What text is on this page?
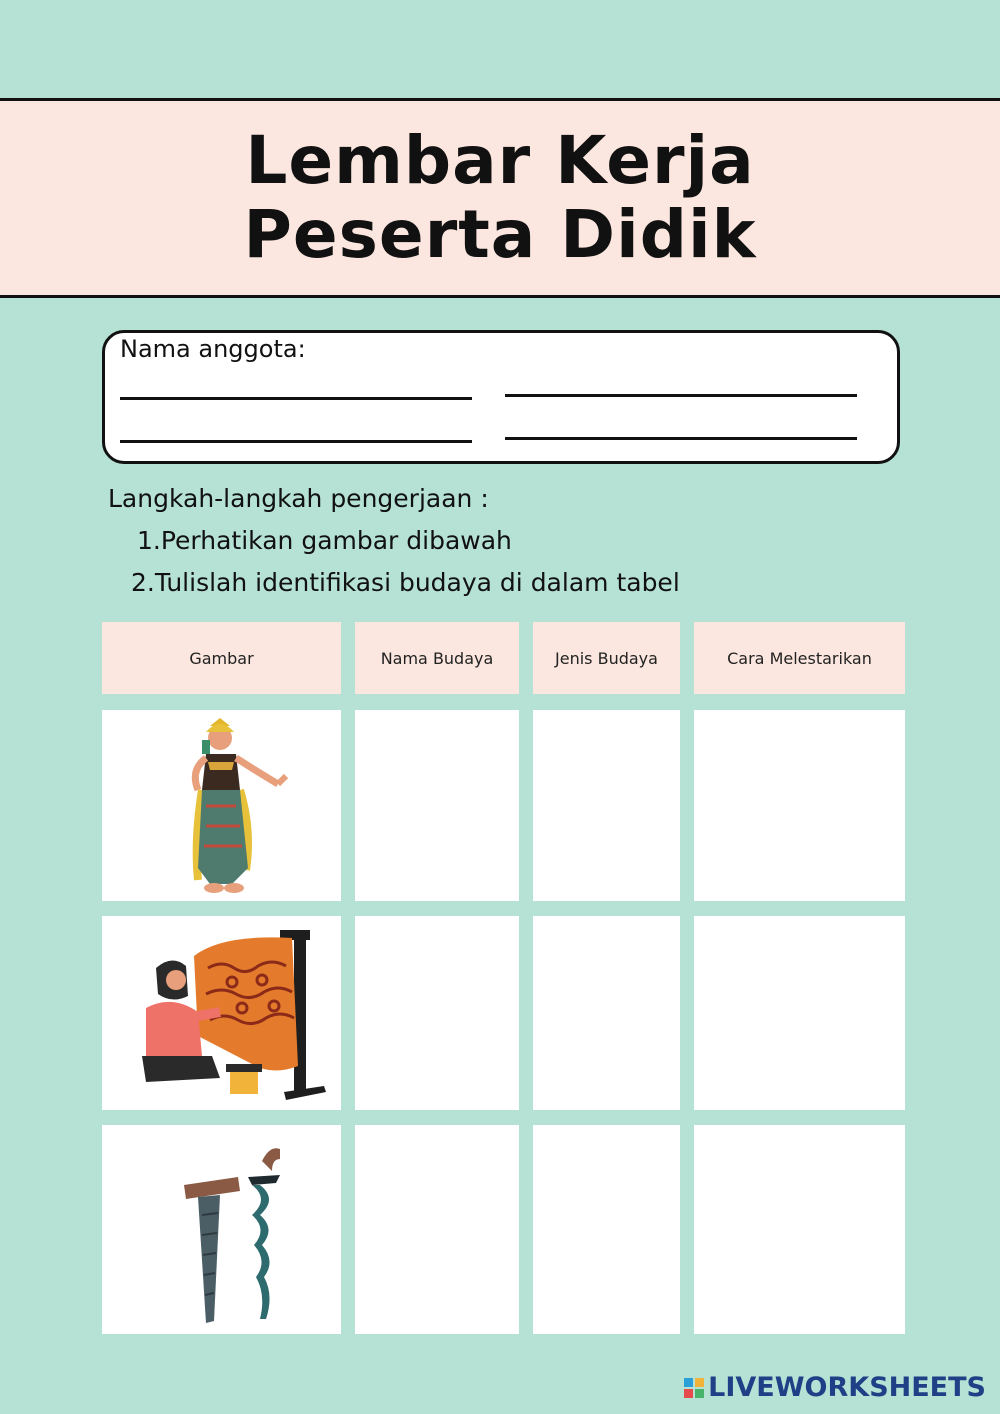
Lembar Kerja
Peserta Didik
Nama anggota:
Langkah-langkah pengerjaan :
1.Perhatikan gambar dibawah
2.Tulislah identifikasi budaya di dalam tabel
Gambar	Nama Budaya	Jenis Budaya	Cara Melestarikan
LIVEWORKSHEETS
